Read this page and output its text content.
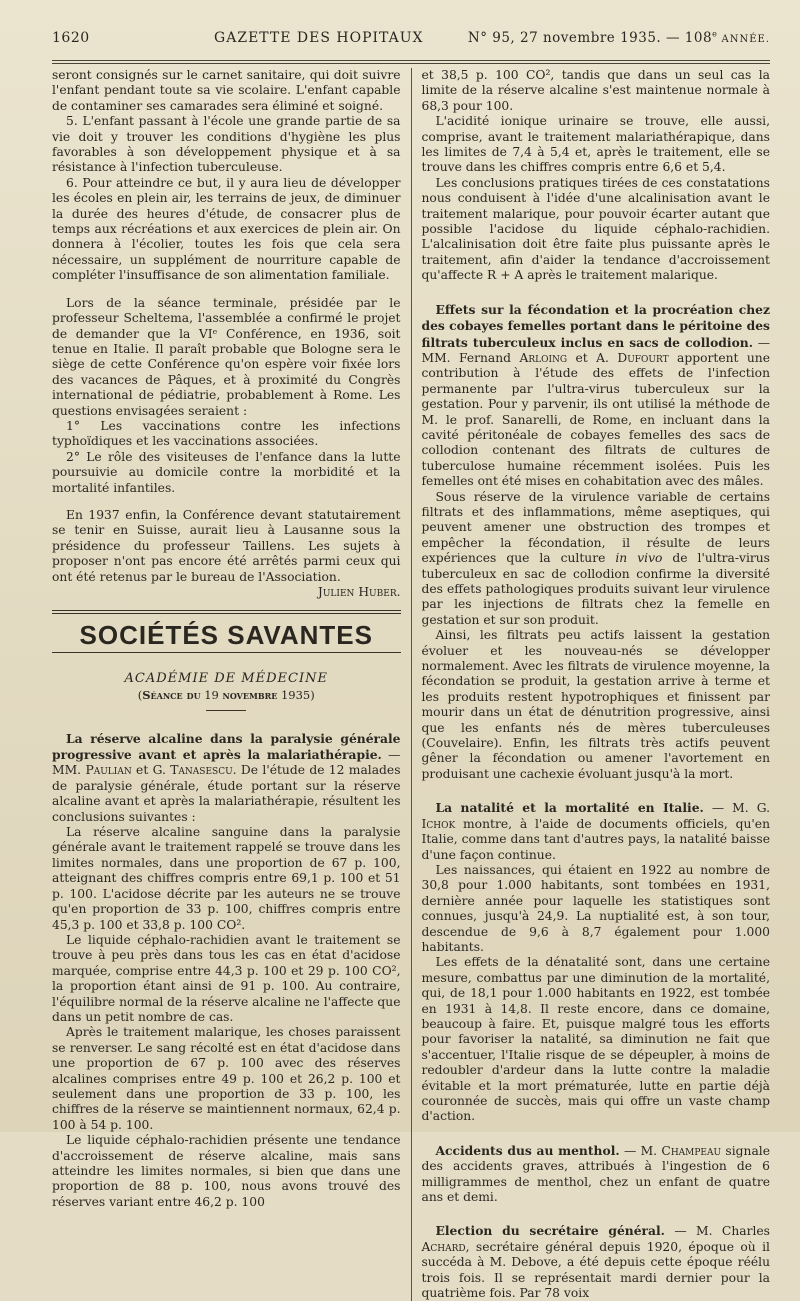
1620	GAZETTE DES HOPITAUX	N° 95, 27 novembre 1935. — 108e ANNÉE.

seront consignés sur le carnet sanitaire, qui doit suivre l'enfant pendant toute sa vie scolaire. L'enfant capable de contaminer ses camarades sera éliminé et soigné.

5. L'enfant passant à l'école une grande partie de sa vie doit y trouver les conditions d'hygiène les plus favorables à son développement physique et à sa résistance à l'infection tuberculeuse.

6. Pour atteindre ce but, il y aura lieu de développer les écoles en plein air, les terrains de jeux, de diminuer la durée des heures d'étude, de consacrer plus de temps aux récréations et aux exercices de plein air. On donnera à l'écolier, toutes les fois que cela sera nécessaire, un supplément de nourriture capable de compléter l'insuffisance de son alimentation familiale.

Lors de la séance terminale, présidée par le professeur Scheltema, l'assemblée a confirmé le projet de demander que la VIᵉ Conférence, en 1936, soit tenue en Italie. Il paraît probable que Bologne sera le siège de cette Conférence qu'on espère voir fixée lors des vacances de Pâques, et à proximité du Congrès international de pédiatrie, probablement à Rome. Les questions envisagées seraient :

1° Les vaccinations contre les infections typhoïdiques et les vaccinations associées.

2° Le rôle des visiteuses de l'enfance dans la lutte poursuivie au domicile contre la morbidité et la mortalité infantiles.

En 1937 enfin, la Conférence devant statutairement se tenir en Suisse, aurait lieu à Lausanne sous la présidence du professeur Taillens. Les sujets à proposer n'ont pas encore été arrêtés parmi ceux qui ont été retenus par le bureau de l'Association.

Julien Huber.

SOCIÉTÉS SAVANTES
ACADÉMIE DE MÉDECINE
(Séance du 19 novembre 1935)

La réserve alcaline dans la paralysie générale progressive avant et après la malariathérapie. — MM. Paulian et G. Tanasescu. De l'étude de 12 malades de paralysie générale, étude portant sur la réserve alcaline avant et après la malariathérapie, résultent les conclusions suivantes :

La réserve alcaline sanguine dans la paralysie générale avant le traitement rappelé se trouve dans les limites normales, dans une proportion de 67 p. 100, atteignant des chiffres compris entre 69,1 p. 100 et 51 p. 100. L'acidose décrite par les auteurs ne se trouve qu'en proportion de 33 p. 100, chiffres compris entre 45,3 p. 100 et 33,8 p. 100 CO².

Le liquide céphalo-rachidien avant le traitement se trouve à peu près dans tous les cas en état d'acidose marquée, comprise entre 44,3 p. 100 et 29 p. 100 CO², la proportion étant ainsi de 91 p. 100. Au contraire, l'équilibre normal de la réserve alcaline ne l'affecte que dans un petit nombre de cas.

Après le traitement malarique, les choses paraissent se renverser. Le sang récolté est en état d'acidose dans une proportion de 67 p. 100 avec des réserves alcalines comprises entre 49 p. 100 et 26,2 p. 100 et seulement dans une proportion de 33 p. 100, les chiffres de la réserve se maintiennent normaux, 62,4 p. 100 à 54 p. 100.

Le liquide céphalo-rachidien présente une tendance d'accroissement de réserve alcaline, mais sans atteindre les limites normales, si bien que dans une proportion de 88 p. 100, nous avons trouvé des réserves variant entre 46,2 p. 100

et 38,5 p. 100 CO², tandis que dans un seul cas la limite de la réserve alcaline s'est maintenue normale à 68,3 pour 100.

L'acidité ionique urinaire se trouve, elle aussi, comprise, avant le traitement malariathérapique, dans les limites de 7,4 à 5,4 et, après le traitement, elle se trouve dans les chiffres compris entre 6,6 et 5,4.

Les conclusions pratiques tirées de ces constatations nous conduisent à l'idée d'une alcalinisation avant le traitement malarique, pour pouvoir écarter autant que possible l'acidose du liquide céphalo-rachidien. L'alcalinisation doit être faite plus puissante après le traitement, afin d'aider la tendance d'accroissement qu'affecte R + A après le traitement malarique.

Effets sur la fécondation et la procréation chez des cobayes femelles portant dans le péritoine des filtrats tuberculeux inclus en sacs de collodion. — MM. Fernand Arloing et A. Dufourt apportent une contribution à l'étude des effets de l'infection permanente par l'ultra-virus tuberculeux sur la gestation. Pour y parvenir, ils ont utilisé la méthode de M. le prof. Sanarelli, de Rome, en incluant dans la cavité péritonéale de cobayes femelles des sacs de collodion contenant des filtrats de cultures de tuberculose humaine récemment isolées. Puis les femelles ont été mises en cohabitation avec des mâles.

Sous réserve de la virulence variable de certains filtrats et des inflammations, même aseptiques, qui peuvent amener une obstruction des trompes et empêcher la fécondation, il résulte de leurs expériences que la culture in vivo de l'ultra-virus tuberculeux en sac de collodion confirme la diversité des effets pathologiques produits suivant leur virulence par les injections de filtrats chez la femelle en gestation et sur son produit.

Ainsi, les filtrats peu actifs laissent la gestation évoluer et les nouveau-nés se développer normalement. Avec les filtrats de virulence moyenne, la fécondation se produit, la gestation arrive à terme et les produits restent hypotrophiques et finissent par mourir dans un état de dénutrition progressive, ainsi que les enfants nés de mères tuberculeuses (Couvelaire). Enfin, les filtrats très actifs peuvent gêner la fécondation ou amener l'avortement en produisant une cachexie évoluant jusqu'à la mort.

La natalité et la mortalité en Italie. — M. G. Ichok montre, à l'aide de documents officiels, qu'en Italie, comme dans tant d'autres pays, la natalité baisse d'une façon continue.

Les naissances, qui étaient en 1922 au nombre de 30,8 pour 1.000 habitants, sont tombées en 1931, dernière année pour laquelle les statistiques sont connues, jusqu'à 24,9. La nuptialité est, à son tour, descendue de 9,6 à 8,7 également pour 1.000 habitants.

Les effets de la dénatalité sont, dans une certaine mesure, combattus par une diminution de la mortalité, qui, de 18,1 pour 1.000 habitants en 1922, est tombée en 1931 à 14,8. Il reste encore, dans ce domaine, beaucoup à faire. Et, puisque malgré tous les efforts pour favoriser la natalité, sa diminution ne fait que s'accentuer, l'Italie risque de se dépeupler, à moins de redoubler d'ardeur dans la lutte contre la maladie évitable et la mort prématurée, lutte en partie déjà couronnée de succès, mais qui offre un vaste champ d'action.

Accidents dus au menthol. — M. Champeau signale des accidents graves, attribués à l'ingestion de 6 milligrammes de menthol, chez un enfant de quatre ans et demi.

Election du secrétaire général. — M. Charles Achard, secrétaire général depuis 1920, époque où il succéda à M. Debove, a été depuis cette époque réélu trois fois. Il se représentait mardi dernier pour la quatrième fois. Par 78 voix
